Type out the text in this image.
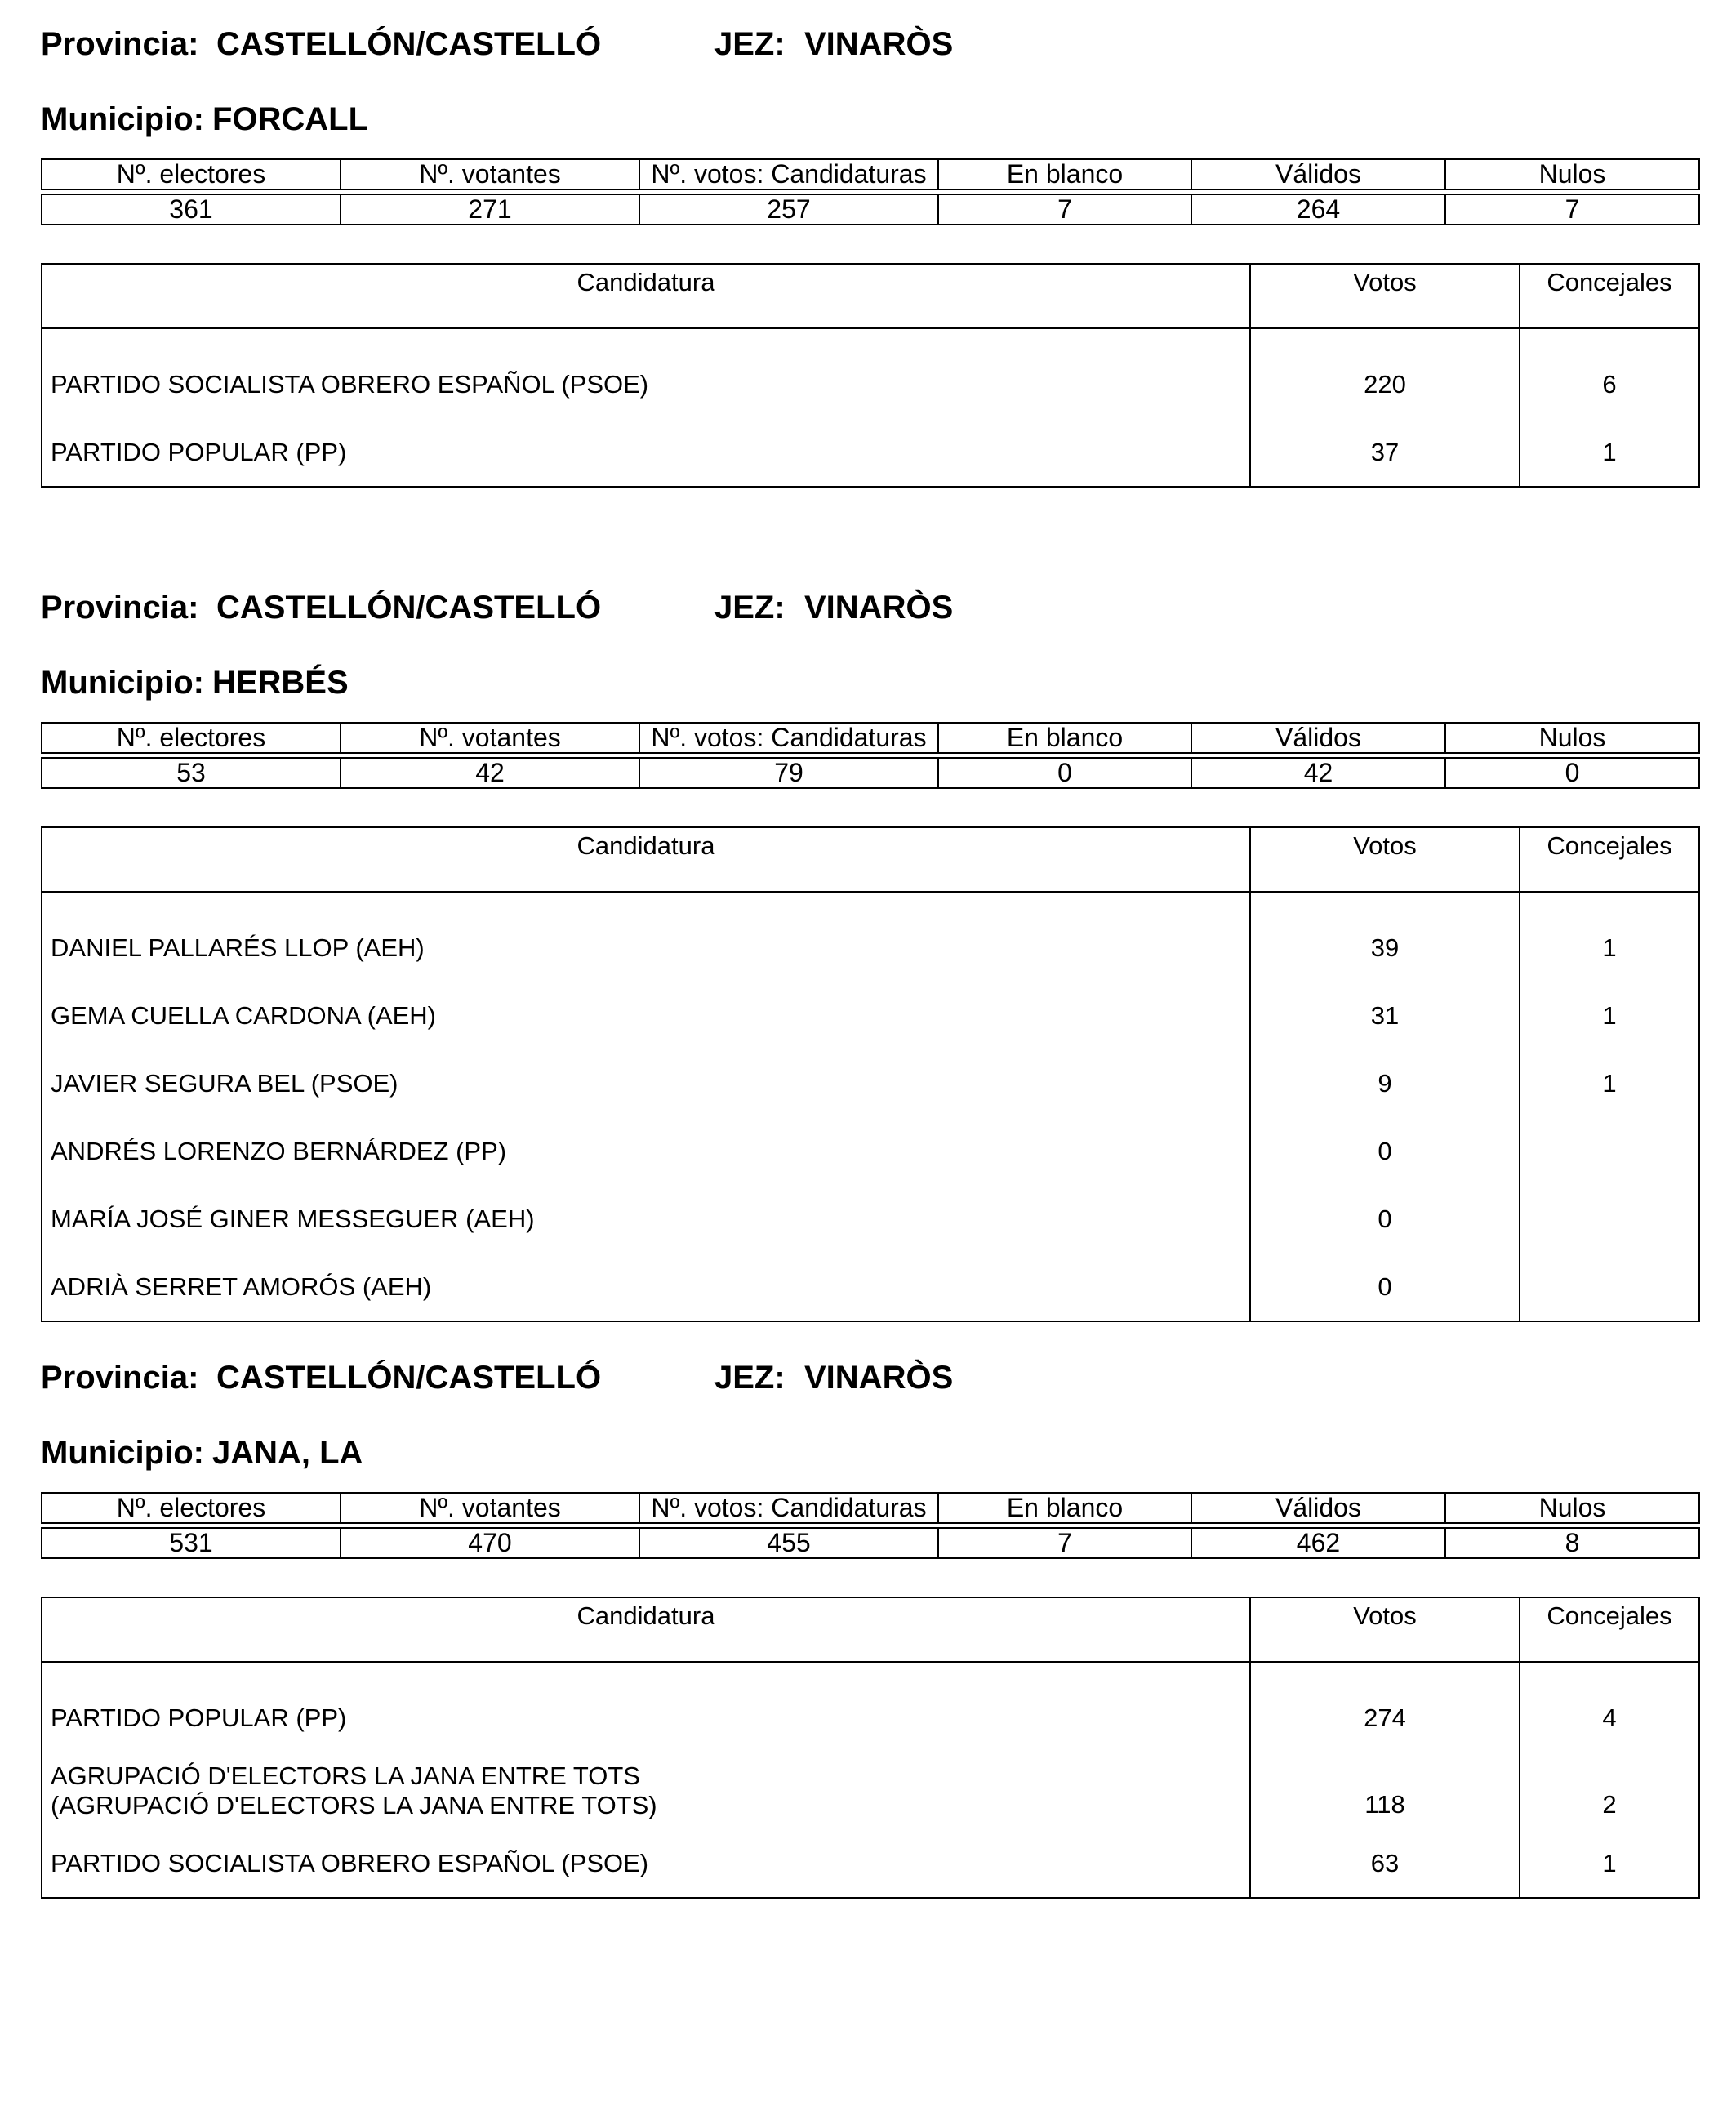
Provincia: CASTELLÓN/CASTELLÓ	JEZ: VINARÒS
Municipio: FORCALL
Nº. electores	Nº. votantes	Nº. votos: Candidaturas	En blanco	Válidos	Nulos

361	271	257	7	264	7
Candidatura	Votos	Concejales
PARTIDO SOCIALISTA OBRERO ESPAÑOL (PSOE)	220	6
PARTIDO POPULAR (PP)	37	1
Provincia: CASTELLÓN/CASTELLÓ	JEZ: VINARÒS
Municipio: HERBÉS
Nº. electores	Nº. votantes	Nº. votos: Candidaturas	En blanco	Válidos	Nulos

53	42	79	0	42	0
Candidatura	Votos	Concejales
DANIEL PALLARÉS LLOP (AEH)	39	1
GEMA CUELLA CARDONA (AEH)	31	1
JAVIER SEGURA BEL (PSOE)	9	1
ANDRÉS LORENZO BERNÁRDEZ (PP)	0	
MARÍA JOSÉ GINER MESSEGUER (AEH)	0	
ADRIÀ SERRET AMORÓS (AEH)	0	
Provincia: CASTELLÓN/CASTELLÓ	JEZ: VINARÒS
Municipio: JANA, LA
Nº. electores	Nº. votantes	Nº. votos: Candidaturas	En blanco	Válidos	Nulos

531	470	455	7	462	8
Candidatura	Votos	Concejales
PARTIDO POPULAR (PP)	274	4
AGRUPACIÓ D'ELECTORS LA JANA ENTRE TOTS (AGRUPACIÓ D'ELECTORS LA JANA ENTRE TOTS)	118	2
PARTIDO SOCIALISTA OBRERO ESPAÑOL (PSOE)	63	1
